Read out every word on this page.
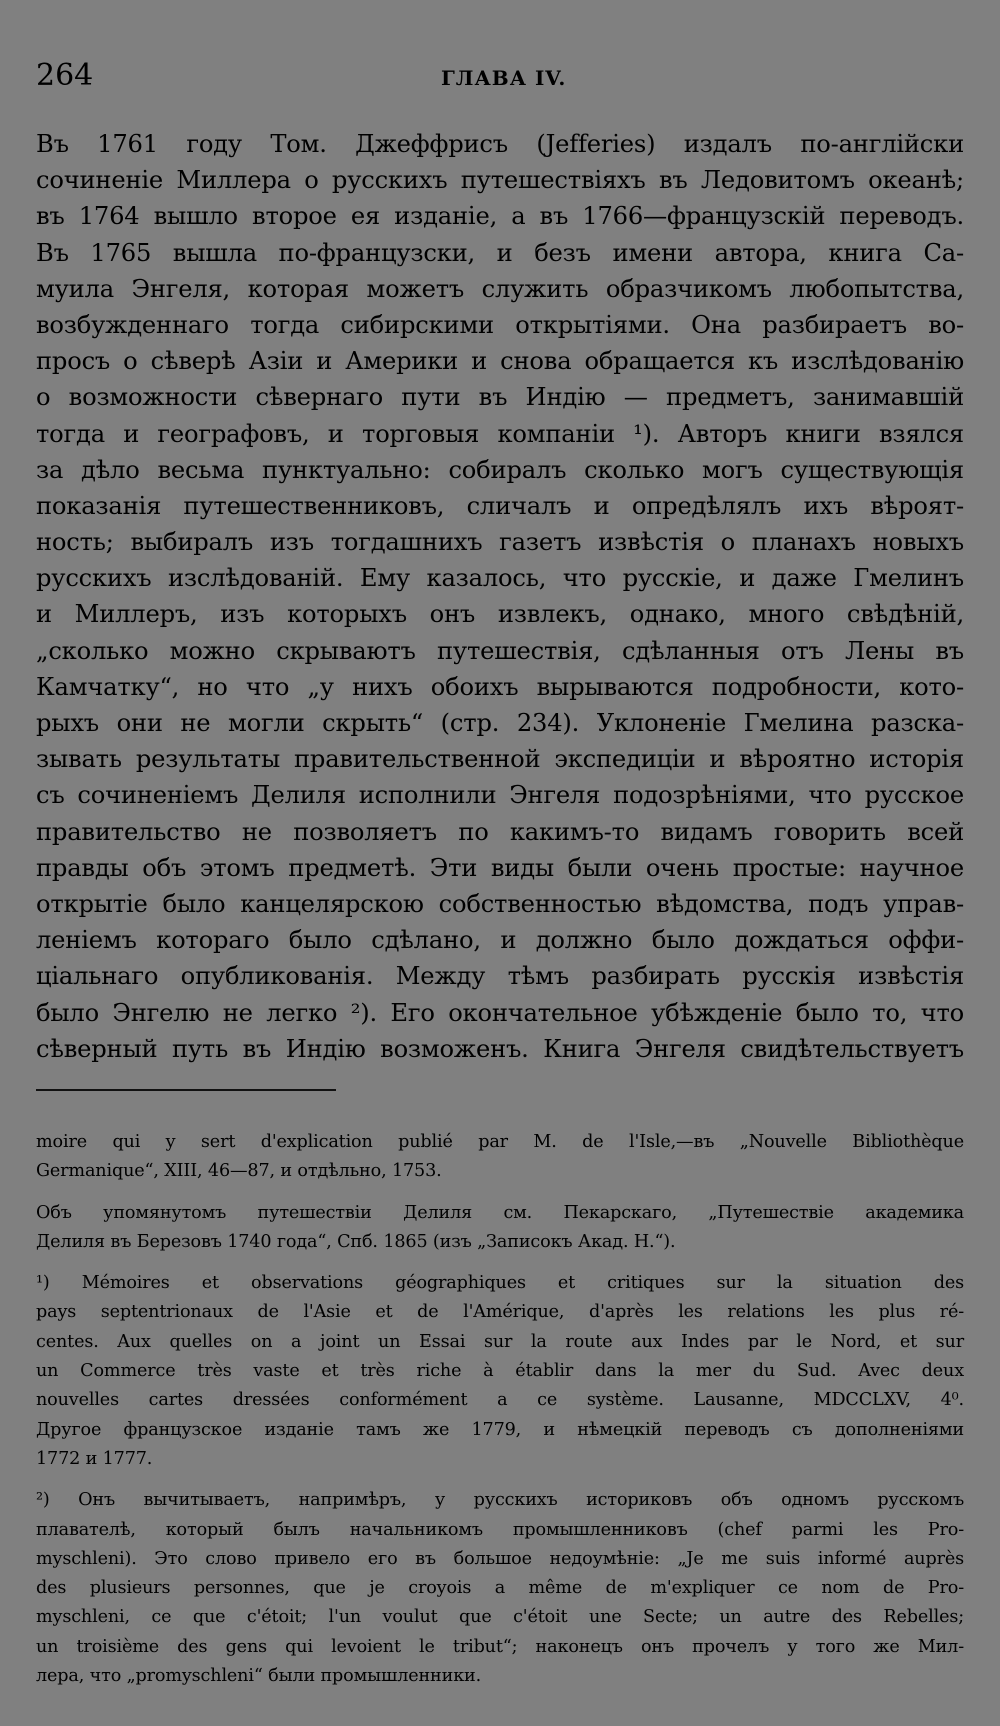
264	ГЛАВА IV.
Въ 1761 году Том. Джеффрисъ (Jefferies) издалъ по-англійски
сочиненіе Миллера о русскихъ путешествіяхъ въ Ледовитомъ океанѣ;
въ 1764 вышло второе ея изданіе, а въ 1766—французскій переводъ.
Въ 1765 вышла по-французски, и безъ имени автора, книга Са-
муила Энгеля, которая можетъ служить образчикомъ любопытства,
возбужденнаго тогда сибирскими открытіями. Она разбираетъ во-
просъ о сѣверѣ Азіи и Америки и снова обращается къ изслѣдованію
о возможности сѣвернаго пути въ Индію — предметъ, занимавшій
тогда и географовъ, и торговыя компаніи ¹). Авторъ книги взялся
за дѣло весьма пунктуально: собиралъ сколько могъ существующія
показанія путешественниковъ, сличалъ и опредѣлялъ ихъ вѣроят-
ность; выбиралъ изъ тогдашнихъ газетъ извѣстія о планахъ новыхъ
русскихъ изслѣдованій. Ему казалось, что русскіе, и даже Гмелинъ
и Миллеръ, изъ которыхъ онъ извлекъ, однако, много свѣдѣній,
„сколько можно скрываютъ путешествія, сдѣланныя отъ Лены въ
Камчатку“, но что „у нихъ обоихъ вырываются подробности, кото-
рыхъ они не могли скрыть“ (стр. 234). Уклоненіе Гмелина разска-
зывать результаты правительственной экспедиціи и вѣроятно исторія
съ сочиненіемъ Делиля исполнили Энгеля подозрѣніями, что русское
правительство не позволяетъ по какимъ-то видамъ говорить всей
правды объ этомъ предметѣ. Эти виды были очень простые: научное
открытіе было канцелярскою собственностью вѣдомства, подъ управ-
леніемъ котораго было сдѣлано, и должно было дождаться оффи-
ціальнаго опубликованія. Между тѣмъ разбирать русскія извѣстія
было Энгелю не легко ²). Его окончательное убѣжденіе было то, что
сѣверный путь въ Индію возможенъ. Книга Энгеля свидѣтельствуетъ
moire qui y sert d'explication publié par M. de l'Isle,—въ „Nouvelle Bibliothèque
Germanique“, XIII, 46—87, и отдѣльно, 1753.
Объ упомянутомъ путешествіи Делиля см. Пекарскаго, „Путешествіе академика
Делиля въ Березовъ 1740 года“, Спб. 1865 (изъ „Записокъ Акад. Н.“).
¹) Mémoires et observations géographiques et critiques sur la situation des
pays septentrionaux de l'Asie et de l'Amérique, d'après les relations les plus ré-
centes. Aux quelles on a joint un Essai sur la route aux Indes par le Nord, et sur
un Commerce très vaste et très riche à établir dans la mer du Sud. Avec deux
nouvelles cartes dressées conformément a ce système. Lausanne, MDCCLXV, 4⁰.
Другое французское изданіе тамъ же 1779, и нѣмецкій переводъ съ дополненіями
1772 и 1777.
²) Онъ вычитываетъ, напримѣръ, у русскихъ историковъ объ одномъ русскомъ
плавателѣ, который былъ начальникомъ промышленниковъ (chef parmi les Pro-
myschleni). Это слово привело его въ большое недоумѣніе: „Je me suis informé auprès
des plusieurs personnes, que je croyois a même de m'expliquer ce nom de Pro-
myschleni, ce que c'étoit; l'un voulut que c'étoit une Secte; un autre des Rebelles;
un troisième des gens qui levoient le tribut“; наконецъ онъ прочелъ у того же Мил-
лера, что „promyschleni“ были промышленники.
